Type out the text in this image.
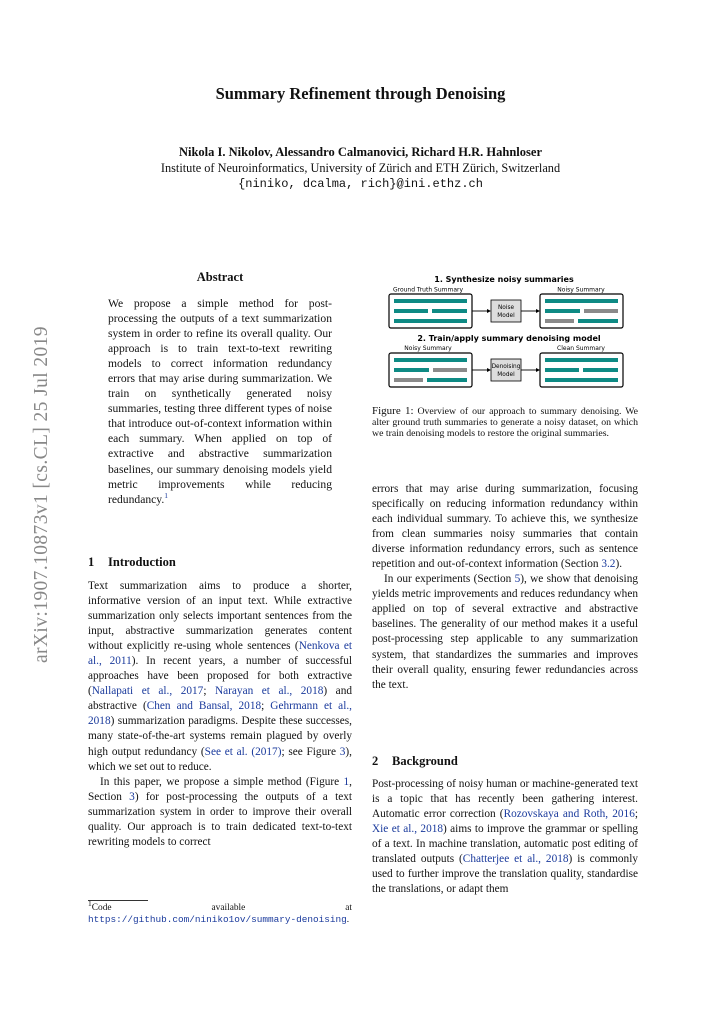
Summary Refinement through Denoising
Nikola I. Nikolov, Alessandro Calmanovici, Richard H.R. Hahnloser
Institute of Neuroinformatics, University of Zürich and ETH Zürich, Switzerland
{niniko, dcalma, rich}@ini.ethz.ch
arXiv:1907.10873v1 [cs.CL] 25 Jul 2019
Abstract
We propose a simple method for post-processing the outputs of a text summarization system in order to refine its overall quality. Our approach is to train text-to-text rewriting models to correct information redundancy errors that may arise during summarization. We train on synthetically generated noisy summaries, testing three different types of noise that introduce out-of-context information within each summary. When applied on top of extractive and abstractive summarization baselines, our summary denoising models yield metric improvements while reducing redundancy.$^1$
1 Introduction
Text summarization aims to produce a shorter, informative version of an input text. While extractive summarization only selects important sentences from the input, abstractive summarization generates content without explicitly re-using whole sentences (Nenkova et al., 2011). In recent years, a number of successful approaches have been proposed for both extractive (Nallapati et al., 2017; Narayan et al., 2018) and abstractive (Chen and Bansal, 2018; Gehrmann et al., 2018) summarization paradigms. Despite these successes, many state-of-the-art systems remain plagued by overly high output redundancy (See et al. (2017); see Figure 3), which we set out to reduce.
In this paper, we propose a simple method (Figure 1, Section 3) for post-processing the outputs of a text summarization system in order to improve their overall quality. Our approach is to train dedicated text-to-text rewriting models to correct
$^1$Code available at https://github.com/niniko1ov/summary-denoising.
1. Synthesize noisy summaries
Ground Truth Summary	Noisy Summary
Noise
Model
2. Train/apply summary denoising model
Noisy Summary	Clean Summary
Denoising
Model
Figure 1: Overview of our approach to summary denoising. We alter ground truth summaries to generate a noisy dataset, on which we train denoising models to restore the original summaries.
errors that may arise during summarization, focusing specifically on reducing information redundancy within each individual summary. To achieve this, we synthesize from clean summaries noisy summaries that contain diverse information redundancy errors, such as sentence repetition and out-of-context information (Section 3.2).
In our experiments (Section 5), we show that denoising yields metric improvements and reduces redundancy when applied on top of several extractive and abstractive baselines. The generality of our method makes it a useful post-processing step applicable to any summarization system, that standardizes the summaries and improves their overall quality, ensuring fewer redundancies across the text.
2 Background
Post-processing of noisy human or machine-generated text is a topic that has recently been gathering interest. Automatic error correction (Rozovskaya and Roth, 2016; Xie et al., 2018) aims to improve the grammar or spelling of a text. In machine translation, automatic post editing of translated outputs (Chatterjee et al., 2018) is commonly used to further improve the translation quality, standardise the translations, or adapt them
